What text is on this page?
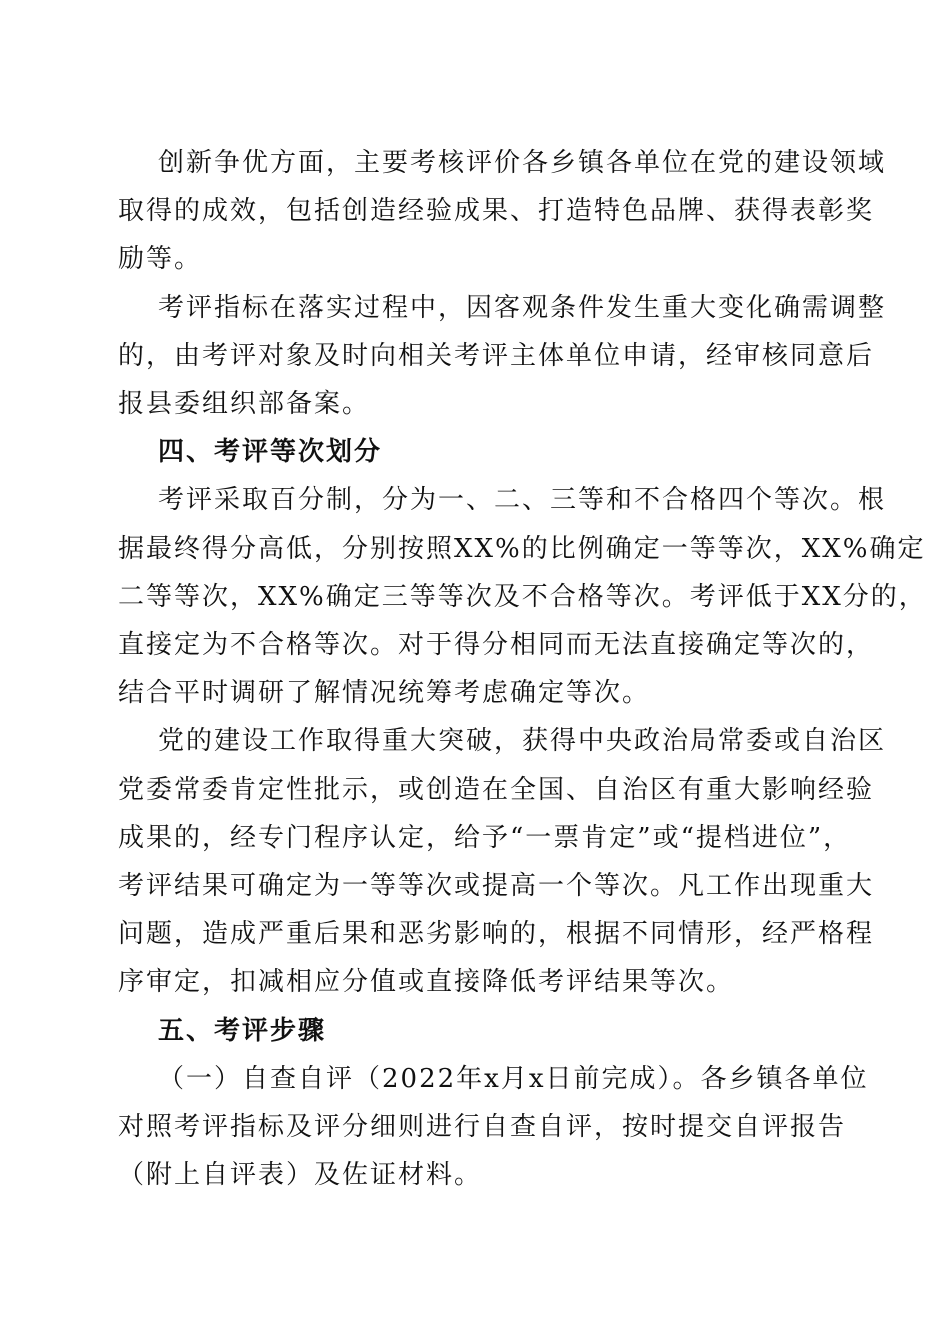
创新争优方面，主要考核评价各乡镇各单位在党的建设领域
取得的成效，包括创造经验成果、打造特色品牌、获得表彰奖
励等。
考评指标在落实过程中，因客观条件发生重大变化确需调整
的，由考评对象及时向相关考评主体单位申请，经审核同意后
报县委组织部备案。
四、考评等次划分
考评采取百分制，分为一、二、三等和不合格四个等次。根
据最终得分高低，分别按照XX%的比例确定一等等次，XX%确定
二等等次，XX%确定三等等次及不合格等次。考评低于XX分的，
直接定为不合格等次。对于得分相同而无法直接确定等次的，
结合平时调研了解情况统筹考虑确定等次。
党的建设工作取得重大突破，获得中央政治局常委或自治区
党委常委肯定性批示，或创造在全国、自治区有重大影响经验
成果的，经专门程序认定，给予“一票肯定”或“提档进位”，
考评结果可确定为一等等次或提高一个等次。凡工作出现重大
问题，造成严重后果和恶劣影响的，根据不同情形，经严格程
序审定，扣减相应分值或直接降低考评结果等次。
五、考评步骤
（一）自查自评（2022年x月x日前完成）。各乡镇各单位
对照考评指标及评分细则进行自查自评，按时提交自评报告
（附上自评表）及佐证材料。
